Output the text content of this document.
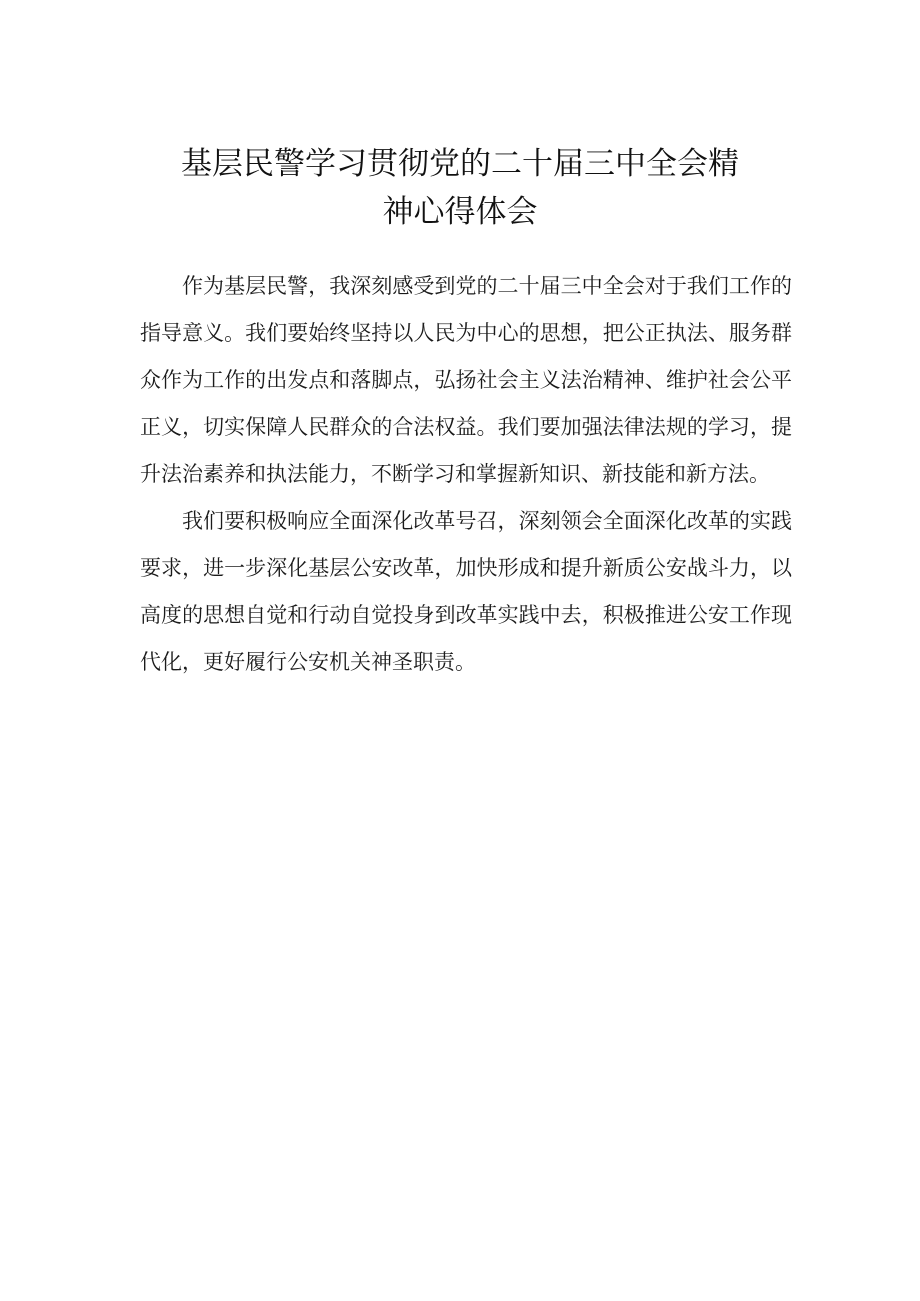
基层民警学习贯彻党的二十届三中全会精
神心得体会

作为基层民警，我深刻感受到党的二十届三中全会对于我们工作的指导意义。我们要始终坚持以人民为中心的思想，把公正执法、服务群众作为工作的出发点和落脚点，弘扬社会主义法治精神、维护社会公平正义，切实保障人民群众的合法权益。我们要加强法律法规的学习，提升法治素养和执法能力，不断学习和掌握新知识、新技能和新方法。

我们要积极响应全面深化改革号召，深刻领会全面深化改革的实践要求，进一步深化基层公安改革，加快形成和提升新质公安战斗力，以高度的思想自觉和行动自觉投身到改革实践中去，积极推进公安工作现代化，更好履行公安机关神圣职责。
